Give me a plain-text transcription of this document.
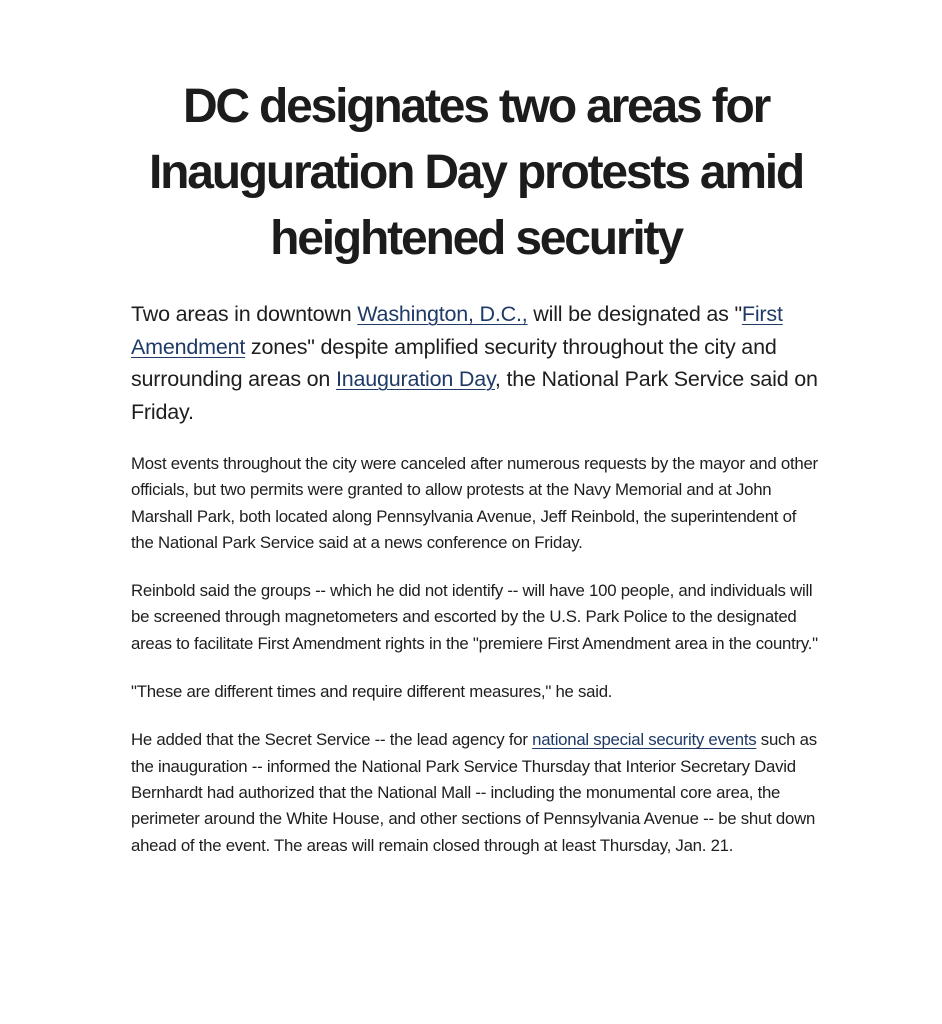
DC designates two areas for Inauguration Day protests amid heightened security

Two areas in downtown Washington, D.C., will be designated as "First Amendment zones" despite amplified security throughout the city and surrounding areas on Inauguration Day, the National Park Service said on Friday.

Most events throughout the city were canceled after numerous requests by the mayor and other officials, but two permits were granted to allow protests at the Navy Memorial and at John Marshall Park, both located along Pennsylvania Avenue, Jeff Reinbold, the superintendent of the National Park Service said at a news conference on Friday.

Reinbold said the groups -- which he did not identify -- will have 100 people, and individuals will be screened through magnetometers and escorted by the U.S. Park Police to the designated areas to facilitate First Amendment rights in the "premiere First Amendment area in the country."

"These are different times and require different measures," he said.

He added that the Secret Service -- the lead agency for national special security events such as the inauguration -- informed the National Park Service Thursday that Interior Secretary David Bernhardt had authorized that the National Mall -- including the monumental core area, the perimeter around the White House, and other sections of Pennsylvania Avenue -- be shut down ahead of the event. The areas will remain closed through at least Thursday, Jan. 21.
